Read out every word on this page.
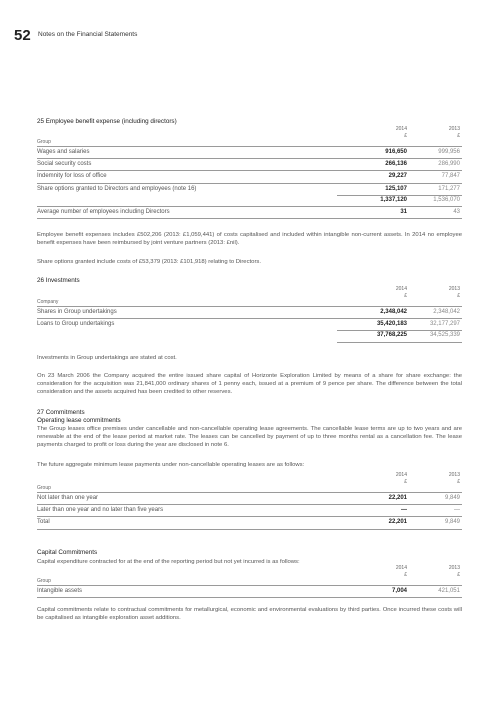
52 Notes on the Financial Statements
25 Employee benefit expense (including directors)
Group
2014
£
2013
£
Wages and salaries	916,650	999,956
Social security costs	266,136	286,990
Indemnity for loss of office	29,227	77,847
Share options granted to Directors and employees (note 16)	125,107	171,277
1,337,120	1,536,070
Average number of employees including Directors	31	43
Employee benefit expenses includes £502,206 (2013: £1,059,441) of costs capitalised and included within intangible non-current assets. In 2014 no employee benefit expenses have been reimbursed by joint venture partners (2013: £nil).
Share options granted include costs of £53,379 (2013: £101,918) relating to Directors.
26 Investments
Company
2014
£
2013
£
Shares in Group undertakings	2,348,042	2,348,042
Loans to Group undertakings	35,420,183	32,177,297
37,768,225	34,525,339
Investments in Group undertakings are stated at cost.
On 23 March 2006 the Company acquired the entire issued share capital of Horizonte Exploration Limited by means of a share for share exchange: the consideration for the acquisition was 21,841,000 ordinary shares of 1 penny each, issued at a premium of 9 pence per share. The difference between the total consideration and the assets acquired has been credited to other reserves.
27 Commitments
Operating lease commitments
The Group leases office premises under cancellable and non-cancellable operating lease agreements. The cancellable lease terms are up to two years and are renewable at the end of the lease period at market rate. The leases can be cancelled by payment of up to three months rental as a cancellation fee. The lease payments charged to profit or loss during the year are disclosed in note 6.
The future aggregate minimum lease payments under non-cancellable operating leases are as follows:
Group
2014
£
2013
£
Not later than one year	22,201	9,849
Later than one year and no later than five years	—	—
Total	22,201	9,849
Capital Commitments
Capital expenditure contracted for at the end of the reporting period but not yet incurred is as follows:
Group
2014
£
2013
£
Intangible assets	7,004	421,051
Capital commitments relate to contractual commitments for metallurgical, economic and environmental evaluations by third parties. Once incurred these costs will be capitalised as intangible exploration asset additions.
